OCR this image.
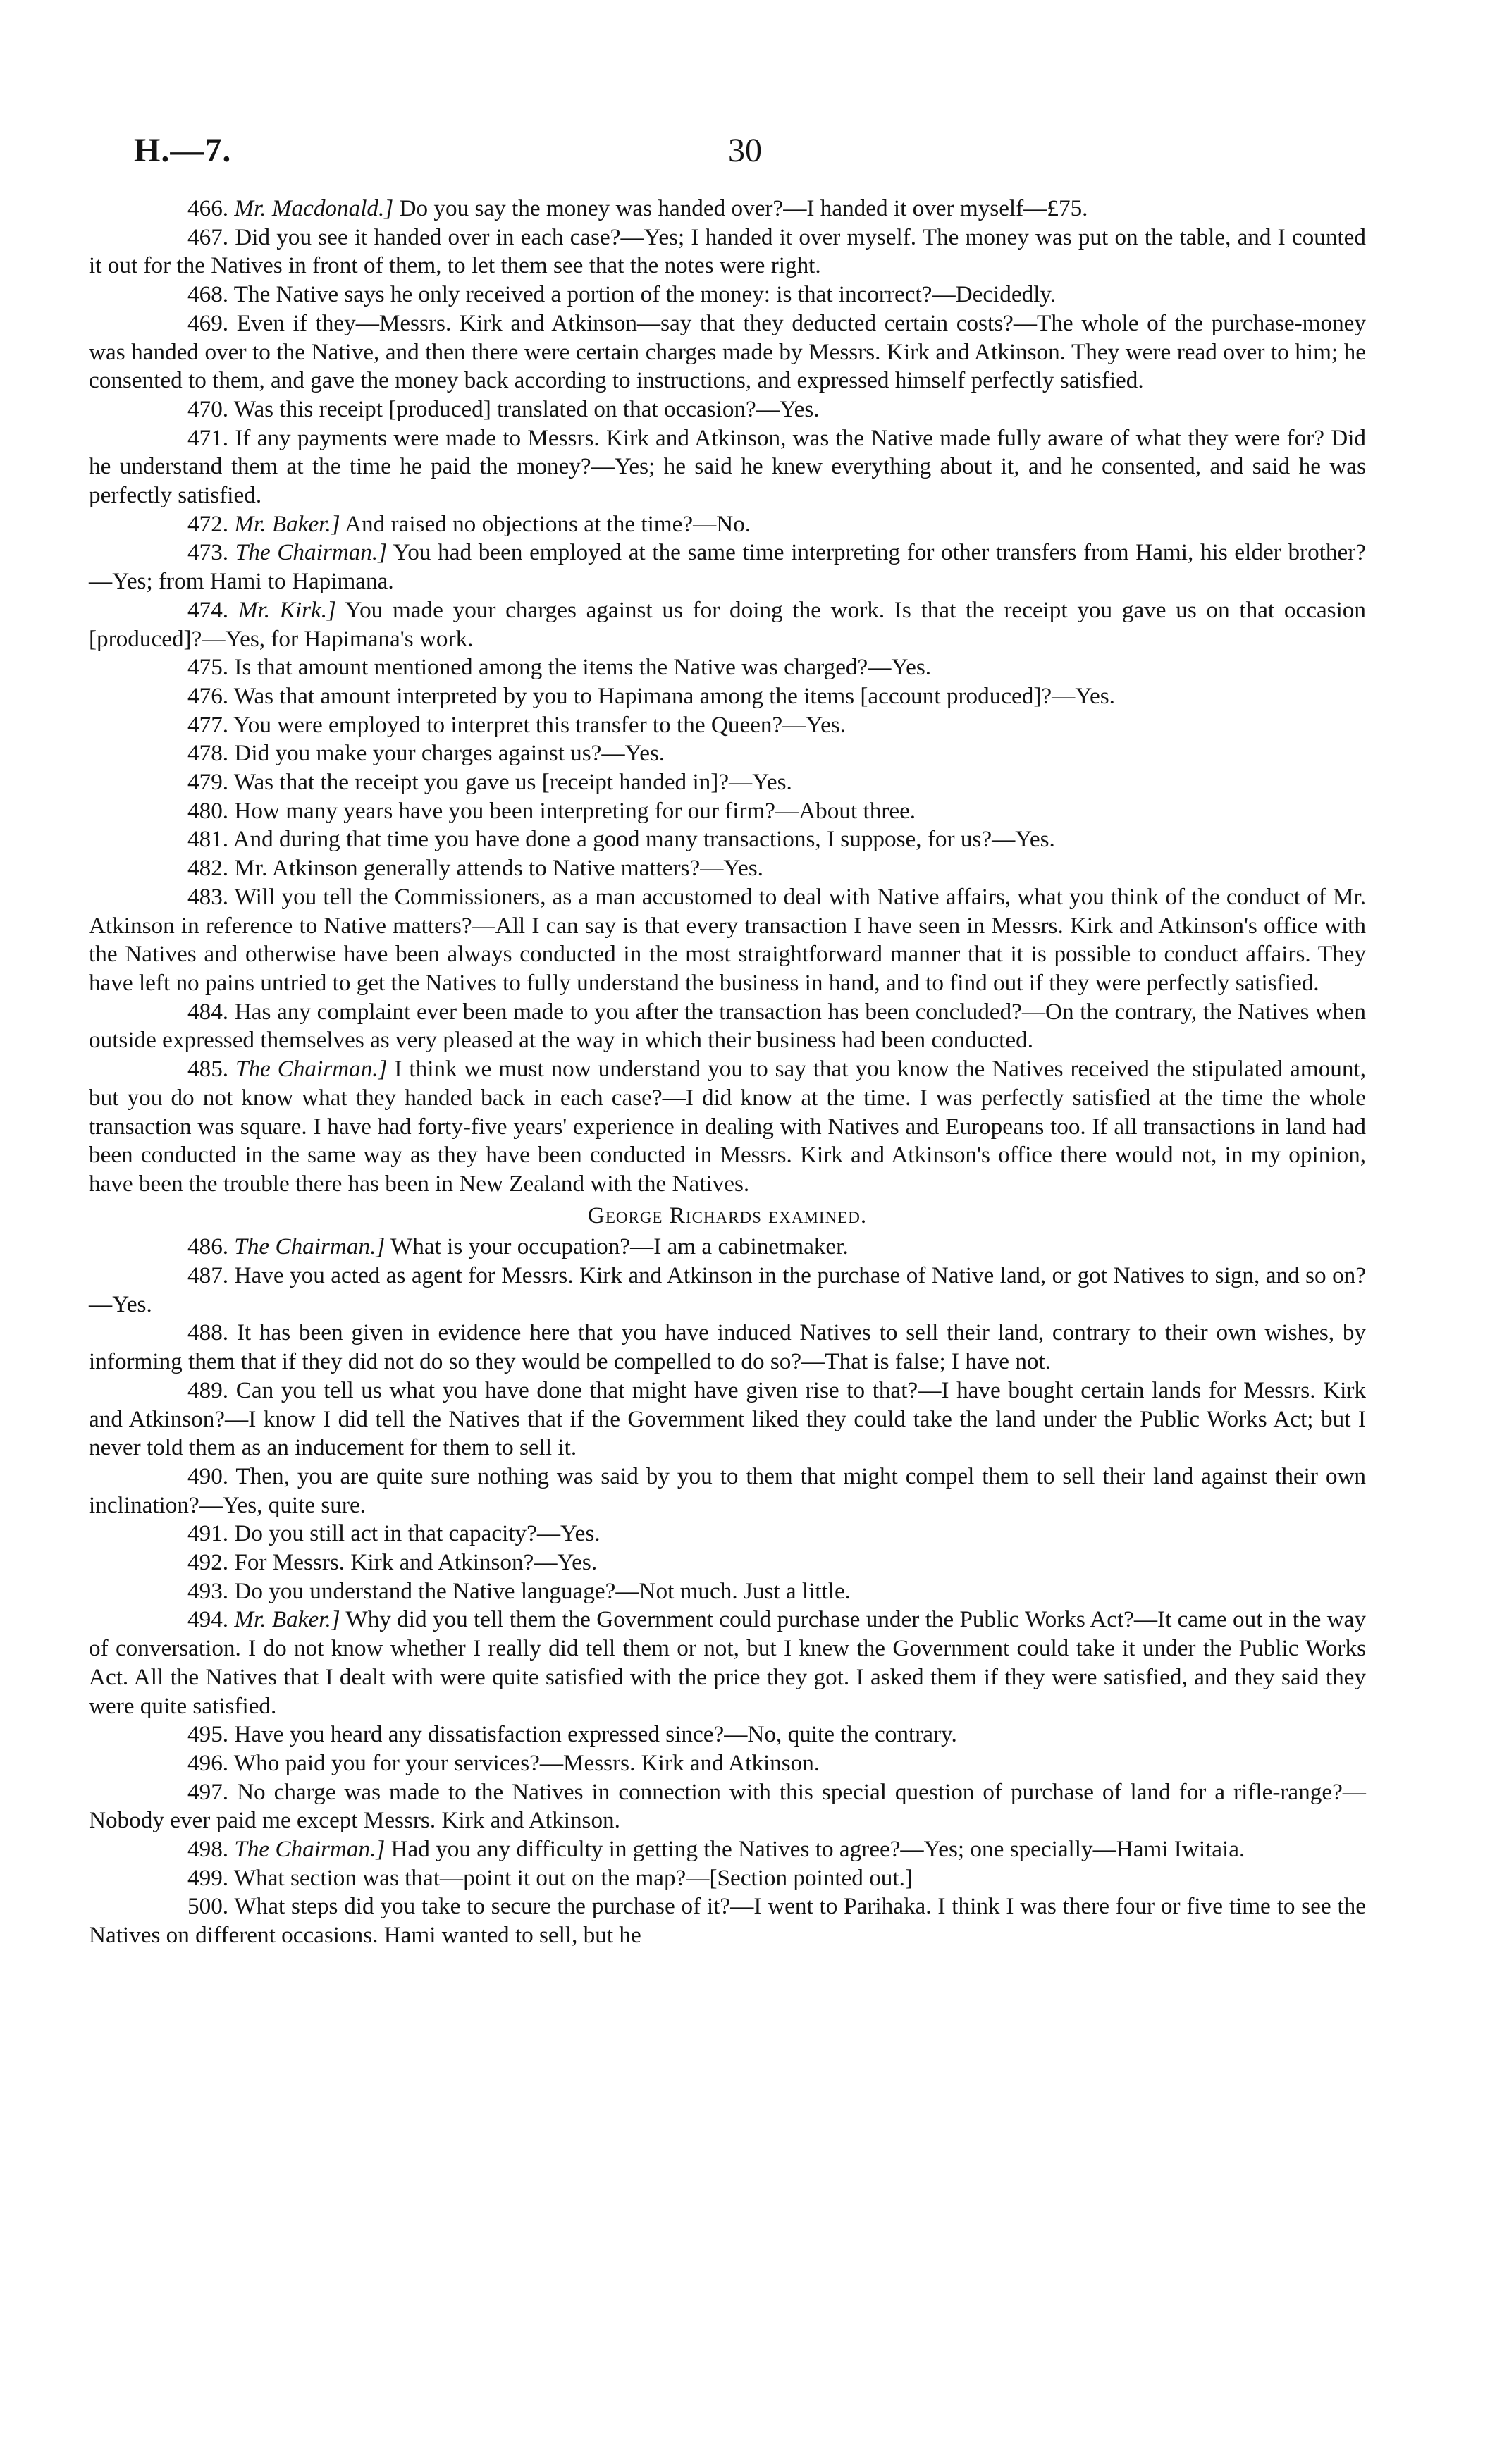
H.—7.	30

466. Mr. Macdonald.] Do you say the money was handed over?—I handed it over myself—£75.

467. Did you see it handed over in each case?—Yes; I handed it over myself. The money was put on the table, and I counted it out for the Natives in front of them, to let them see that the notes were right.

468. The Native says he only received a portion of the money: is that incorrect?—Decidedly.

469. Even if they—Messrs. Kirk and Atkinson—say that they deducted certain costs?—The whole of the purchase-money was handed over to the Native, and then there were certain charges made by Messrs. Kirk and Atkinson. They were read over to him; he consented to them, and gave the money back according to instructions, and expressed himself perfectly satisfied.

470. Was this receipt [produced] translated on that occasion?—Yes.

471. If any payments were made to Messrs. Kirk and Atkinson, was the Native made fully aware of what they were for? Did he understand them at the time he paid the money?—Yes; he said he knew everything about it, and he consented, and said he was perfectly satisfied.

472. Mr. Baker.] And raised no objections at the time?—No.

473. The Chairman.] You had been employed at the same time interpreting for other transfers from Hami, his elder brother?—Yes; from Hami to Hapimana.

474. Mr. Kirk.] You made your charges against us for doing the work. Is that the receipt you gave us on that occasion [produced]?—Yes, for Hapimana's work.

475. Is that amount mentioned among the items the Native was charged?—Yes.

476. Was that amount interpreted by you to Hapimana among the items [account produced]?—Yes.

477. You were employed to interpret this transfer to the Queen?—Yes.

478. Did you make your charges against us?—Yes.

479. Was that the receipt you gave us [receipt handed in]?—Yes.

480. How many years have you been interpreting for our firm?—About three.

481. And during that time you have done a good many transactions, I suppose, for us?—Yes.

482. Mr. Atkinson generally attends to Native matters?—Yes.

483. Will you tell the Commissioners, as a man accustomed to deal with Native affairs, what you think of the conduct of Mr. Atkinson in reference to Native matters?—All I can say is that every transaction I have seen in Messrs. Kirk and Atkinson's office with the Natives and otherwise have been always conducted in the most straightforward manner that it is possible to conduct affairs. They have left no pains untried to get the Natives to fully understand the business in hand, and to find out if they were perfectly satisfied.

484. Has any complaint ever been made to you after the transaction has been concluded?—On the contrary, the Natives when outside expressed themselves as very pleased at the way in which their business had been conducted.

485. The Chairman.] I think we must now understand you to say that you know the Natives received the stipulated amount, but you do not know what they handed back in each case?—I did know at the time. I was perfectly satisfied at the time the whole transaction was square. I have had forty-five years' experience in dealing with Natives and Europeans too. If all transactions in land had been conducted in the same way as they have been conducted in Messrs. Kirk and Atkinson's office there would not, in my opinion, have been the trouble there has been in New Zealand with the Natives.

George Richards examined.

486. The Chairman.] What is your occupation?—I am a cabinetmaker.

487. Have you acted as agent for Messrs. Kirk and Atkinson in the purchase of Native land, or got Natives to sign, and so on?—Yes.

488. It has been given in evidence here that you have induced Natives to sell their land, contrary to their own wishes, by informing them that if they did not do so they would be compelled to do so?—That is false; I have not.

489. Can you tell us what you have done that might have given rise to that?—I have bought certain lands for Messrs. Kirk and Atkinson?—I know I did tell the Natives that if the Government liked they could take the land under the Public Works Act; but I never told them as an inducement for them to sell it.

490. Then, you are quite sure nothing was said by you to them that might compel them to sell their land against their own inclination?—Yes, quite sure.

491. Do you still act in that capacity?—Yes.

492. For Messrs. Kirk and Atkinson?—Yes.

493. Do you understand the Native language?—Not much. Just a little.

494. Mr. Baker.] Why did you tell them the Government could purchase under the Public Works Act?—It came out in the way of conversation. I do not know whether I really did tell them or not, but I knew the Government could take it under the Public Works Act. All the Natives that I dealt with were quite satisfied with the price they got. I asked them if they were satisfied, and they said they were quite satisfied.

495. Have you heard any dissatisfaction expressed since?—No, quite the contrary.

496. Who paid you for your services?—Messrs. Kirk and Atkinson.

497. No charge was made to the Natives in connection with this special question of purchase of land for a rifle-range?—Nobody ever paid me except Messrs. Kirk and Atkinson.

498. The Chairman.] Had you any difficulty in getting the Natives to agree?—Yes; one specially—Hami Iwitaia.

499. What section was that—point it out on the map?—[Section pointed out.]

500. What steps did you take to secure the purchase of it?—I went to Parihaka. I think I was there four or five time to see the Natives on different occasions. Hami wanted to sell, but he
